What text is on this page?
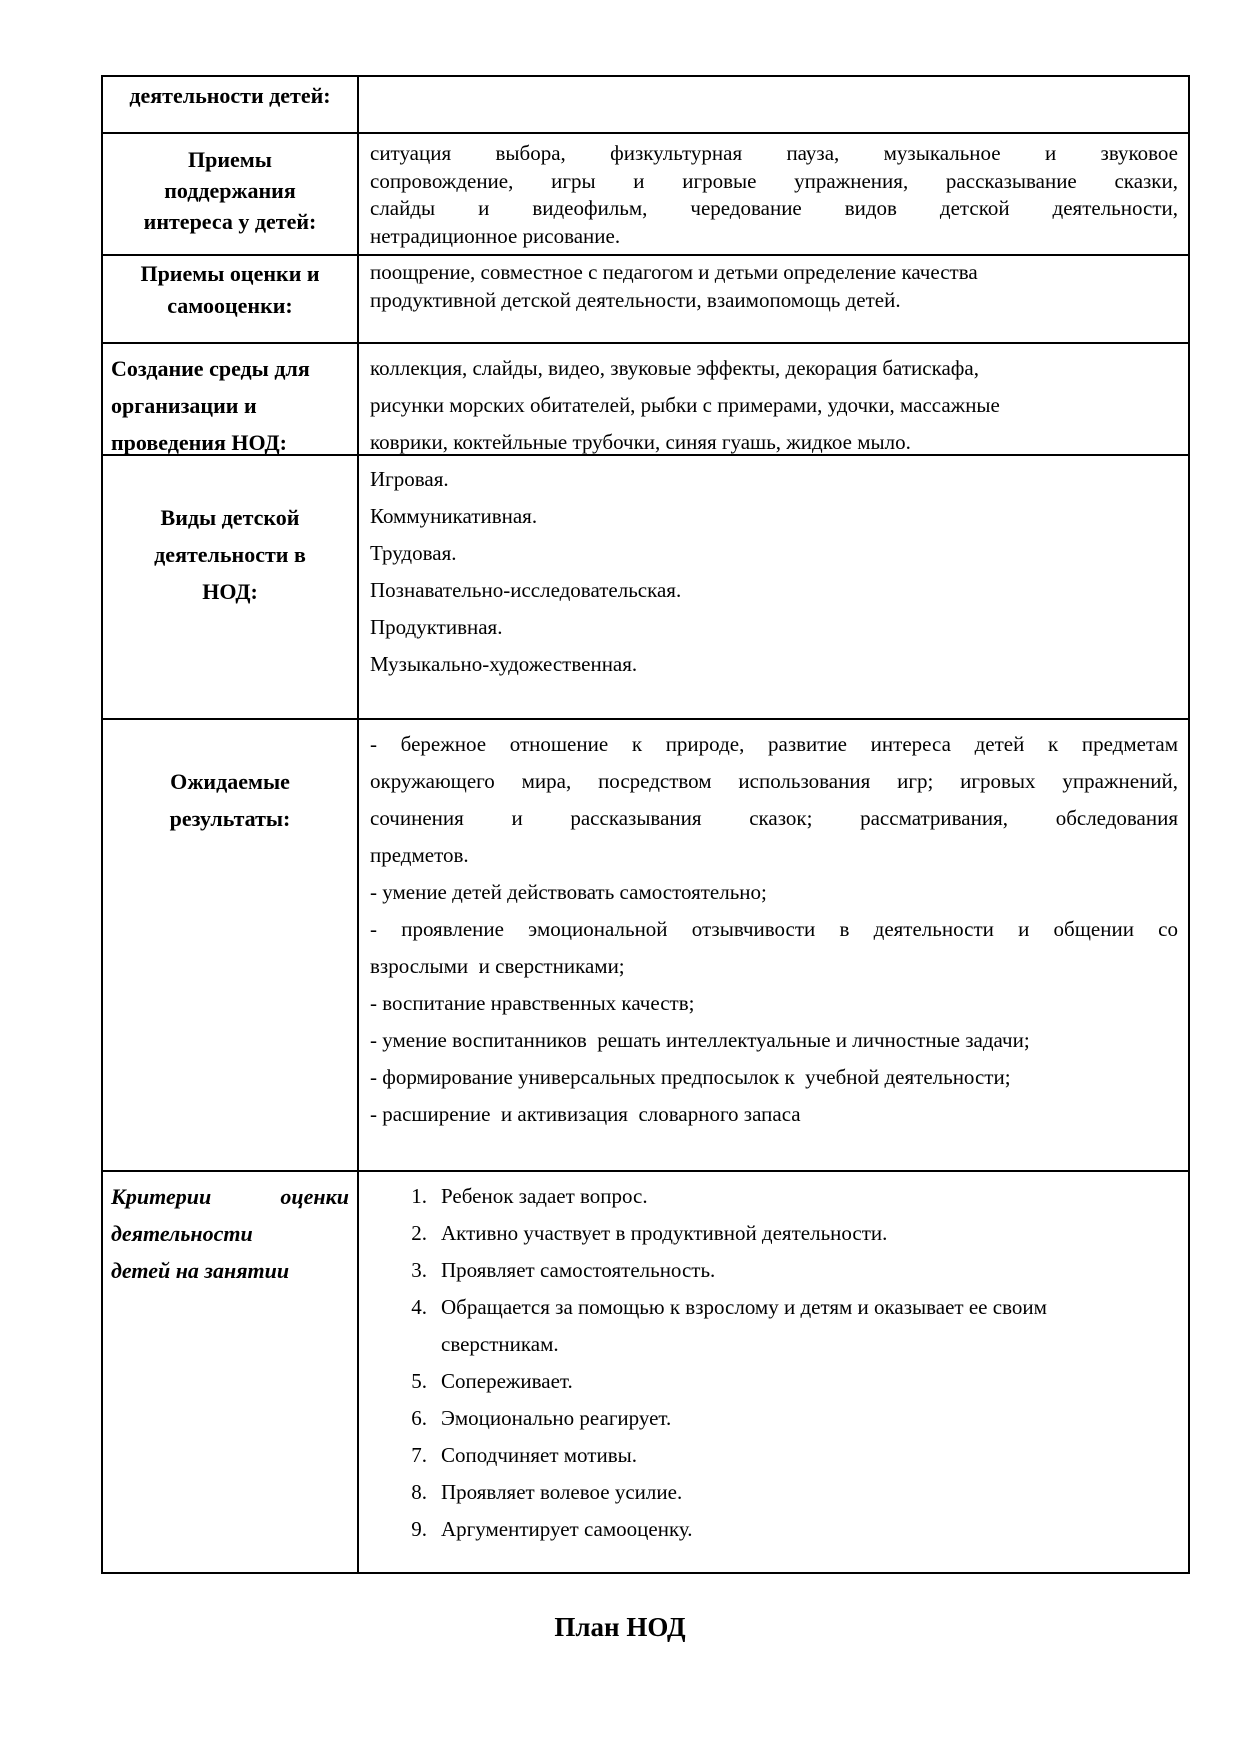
деятельности детей:
Приемы
поддержания
интереса у детей:

ситуация выбора, физкультурная пауза, музыкальное и звуковое

сопровождение, игры и игровые упражнения, рассказывание сказки,

слайды и видеофильм, чередование видов детской деятельности,

нетрадиционное рисование.

Приемы оценки и
самооценки:

поощрение, совместное с педагогом и детьми определение качества

продуктивной детской деятельности, взаимопомощь детей.

Создание среды для
организации и
проведения НОД:

коллекция, слайды, видео, звуковые эффекты, декорация батискафа,

рисунки морских обитателей, рыбки с примерами, удочки, массажные

коврики, коктейльные трубочки, синяя гуашь, жидкое мыло.

Виды детской
деятельности в
НОД:

Игровая.

Коммуникативная.

Трудовая.

Познавательно-исследовательская.

Продуктивная.

Музыкально-художественная.

Ожидаемые
результаты:

- бережное отношение к природе, развитие интереса детей к предметам

окружающего мира, посредством использования игр; игровых упражнений,

сочинения и рассказывания сказок; рассматривания, обследования

предметов.

- умение детей действовать самостоятельно;

- проявление эмоциональной отзывчивости в деятельности и общении со

взрослыми  и сверстниками;

- воспитание нравственных качеств;

- умение воспитанников  решать интеллектуальные и личностные задачи;

- формирование универсальных предпосылок к  учебной деятельности;

- расширение  и активизация  словарного запаса

Критерии оценки
деятельности
детей на занятии
1. Ребенок задает вопрос.
2. Активно участвует в продуктивной деятельности.
3. Проявляет самостоятельность.
4. Обращается за помощью к взрослому и детям и оказывает ее своим
сверстникам.
5. Сопереживает.
6. Эмоционально реагирует.
7. Соподчиняет мотивы.
8. Проявляет волевое усилие.
9. Аргументирует самооценку.
План НОД
